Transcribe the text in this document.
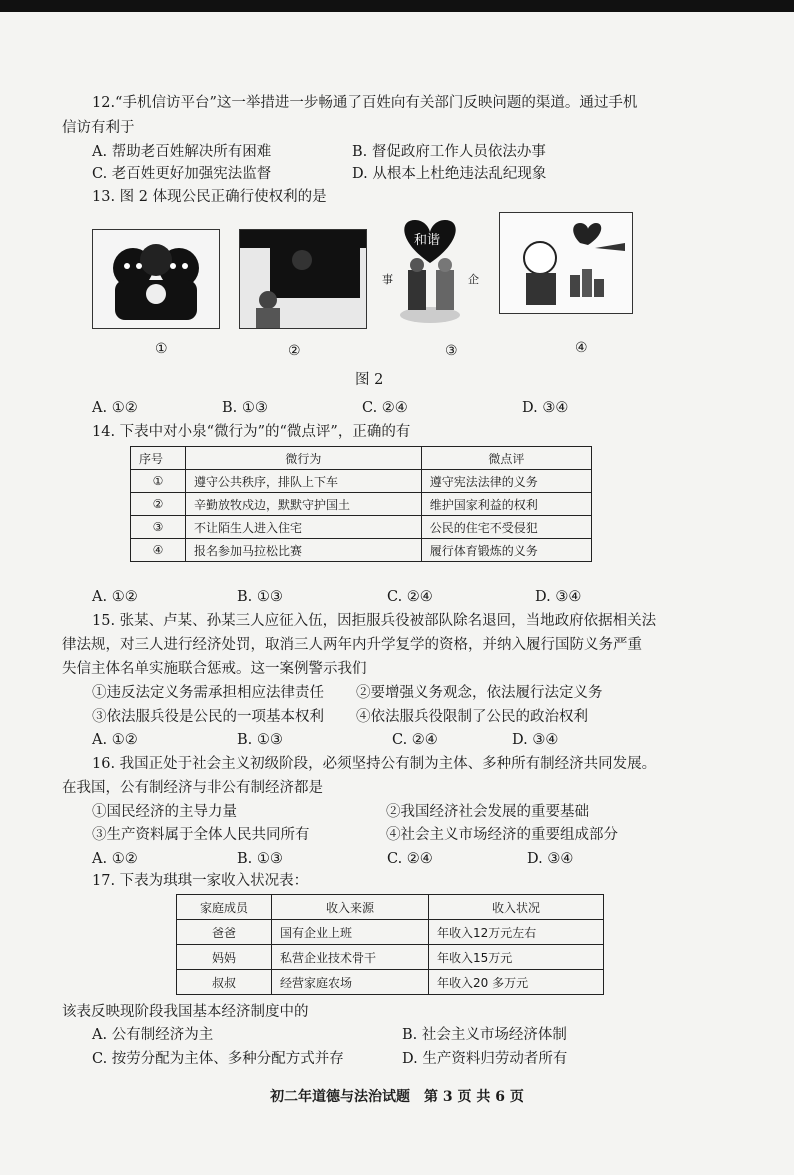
12.“手机信访平台”这一举措进一步畅通了百姓向有关部门反映问题的渠道。通过手机
信访有利于
A. 帮助老百姓解决所有困难	B. 督促政府工作人员依法办事
C. 老百姓更好加强宪法监督	D. 从根本上杜绝违法乱纪现象
13. 图 2 体现公民正确行使权利的是
和谐
事	企
①	②	③	④
图 2
A. ①②	B. ①③	C. ②④	D. ③④
14. 下表中对小泉“微行为”的“微点评”，正确的有
序号	微行为	微点评
①	遵守公共秩序，排队上下车	遵守宪法法律的义务
②	辛勤放牧戍边，默默守护国土	维护国家利益的权利
③	不让陌生人进入住宅	公民的住宅不受侵犯
④	报名参加马拉松比赛	履行体育锻炼的义务
A. ①②	B. ①③	C. ②④	D. ③④
15. 张某、卢某、孙某三人应征入伍，因拒服兵役被部队除名退回，当地政府依据相关法
律法规，对三人进行经济处罚，取消三人两年内升学复学的资格，并纳入履行国防义务严重
失信主体名单实施联合惩戒。这一案例警示我们
①违反法定义务需承担相应法律责任 ②要增强义务观念，依法履行法定义务
③依法服兵役是公民的一项基本权利 ④依法服兵役限制了公民的政治权利
A. ①②	B. ①③	C. ②④	D. ③④
16. 我国正处于社会主义初级阶段，必须坚持公有制为主体、多种所有制经济共同发展。
在我国，公有制经济与非公有制经济都是
①国民经济的主导力量	②我国经济社会发展的重要基础
③生产资料属于全体人民共同所有	④社会主义市场经济的重要组成部分
A. ①②	B. ①③	C. ②④	D. ③④
17. 下表为琪琪一家收入状况表：
家庭成员	收入来源	收入状况
爸爸	国有企业上班	年收入12万元左右
妈妈	私营企业技术骨干	年收入15万元
叔叔	经营家庭农场	年收入20 多万元
该表反映现阶段我国基本经济制度中的
A. 公有制经济为主	B. 社会主义市场经济体制
C. 按劳分配为主体、多种分配方式并存	D. 生产资料归劳动者所有
初二年道德与法治试题　第 3 页 共 6 页
